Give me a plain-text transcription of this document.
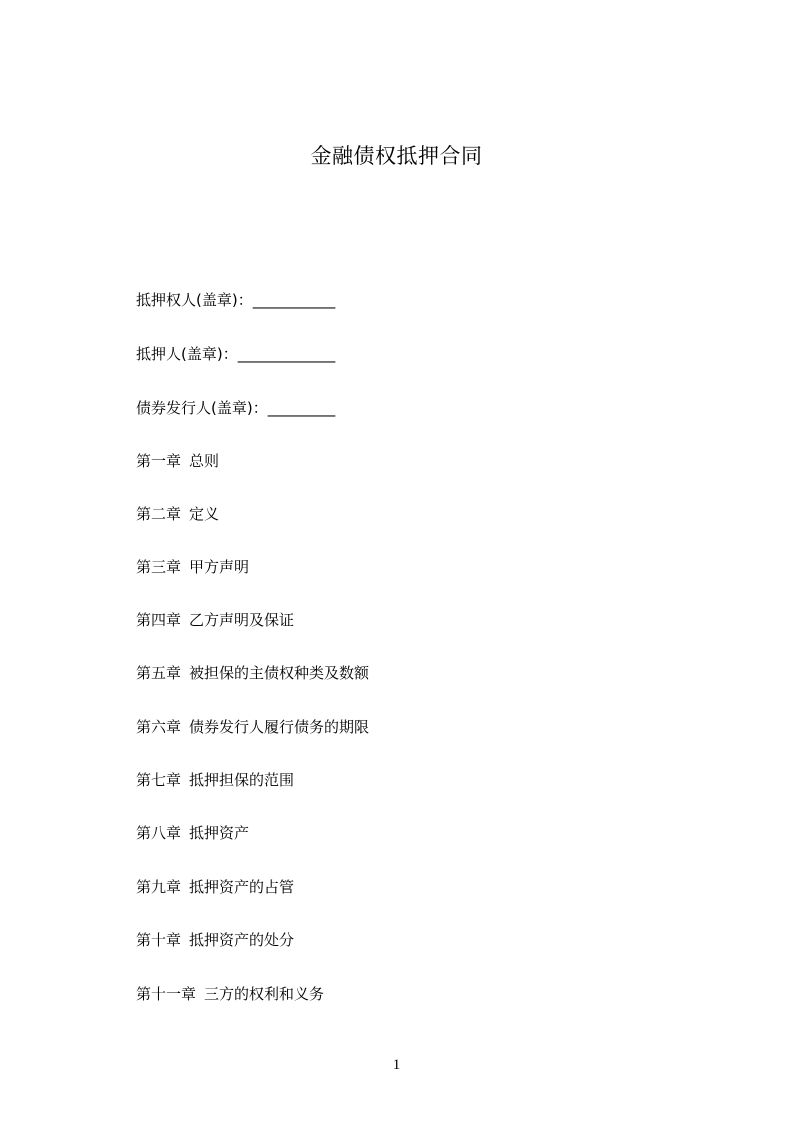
金融债权抵押合同
抵押权人(盖章)：___________
抵押人(盖章)：_____________
债券发行人(盖章)：_________
第一章 总则
第二章 定义
第三章 甲方声明
第四章 乙方声明及保证
第五章 被担保的主债权种类及数额
第六章 债券发行人履行债务的期限
第七章 抵押担保的范围
第八章 抵押资产
第九章 抵押资产的占管
第十章 抵押资产的处分
第十一章 三方的权利和义务
1
